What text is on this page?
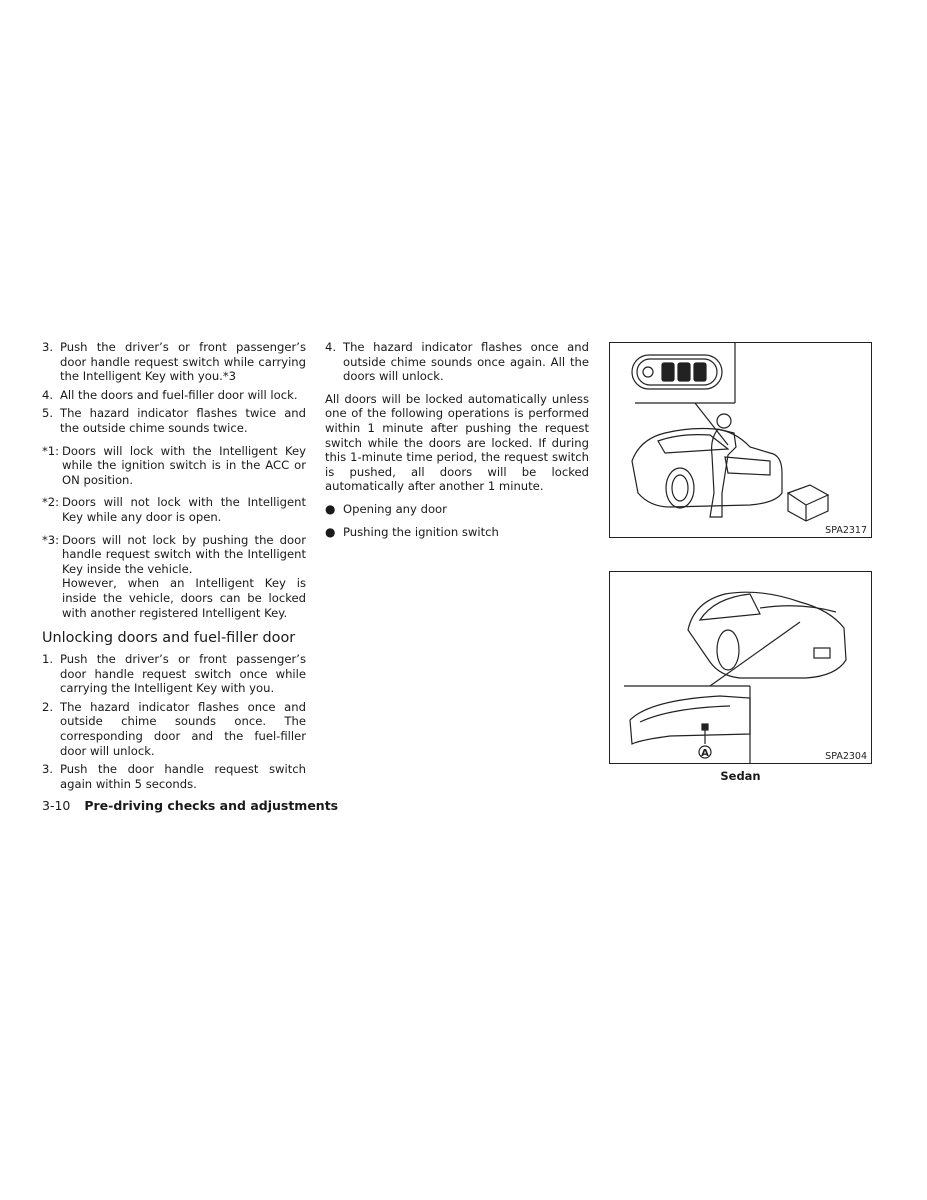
3. Push the driver’s or front passenger’s door handle request switch while carrying the Intelligent Key with you.*3
4. All the doors and fuel-filler door will lock.
5. The hazard indicator flashes twice and the outside chime sounds twice.
*1: Doors will lock with the Intelligent Key while the ignition switch is in the ACC or ON position.
*2: Doors will not lock with the Intelligent Key while any door is open.
*3: Doors will not lock by pushing the door handle request switch with the Intelligent Key inside the vehicle.
However, when an Intelligent Key is inside the vehicle, doors can be locked with another registered Intelligent Key.
Unlocking doors and fuel-filler door
1. Push the driver’s or front passenger’s door handle request switch once while carrying the Intelligent Key with you.
2. The hazard indicator flashes once and outside chime sounds once. The corresponding door and the fuel-filler door will unlock.
3. Push the door handle request switch again within 5 seconds.
4. The hazard indicator flashes once and outside chime sounds once again. All the doors will unlock.

All doors will be locked automatically unless one of the following operations is performed within 1 minute after pushing the request switch while the doors are locked. If during this 1-minute time period, the request switch is pushed, all doors will be locked automatically after another 1 minute.

● Opening any door
● Pushing the ignition switch
3-10 Pre-driving checks and adjustments
SPA2317
A	SPA2304
Sedan
